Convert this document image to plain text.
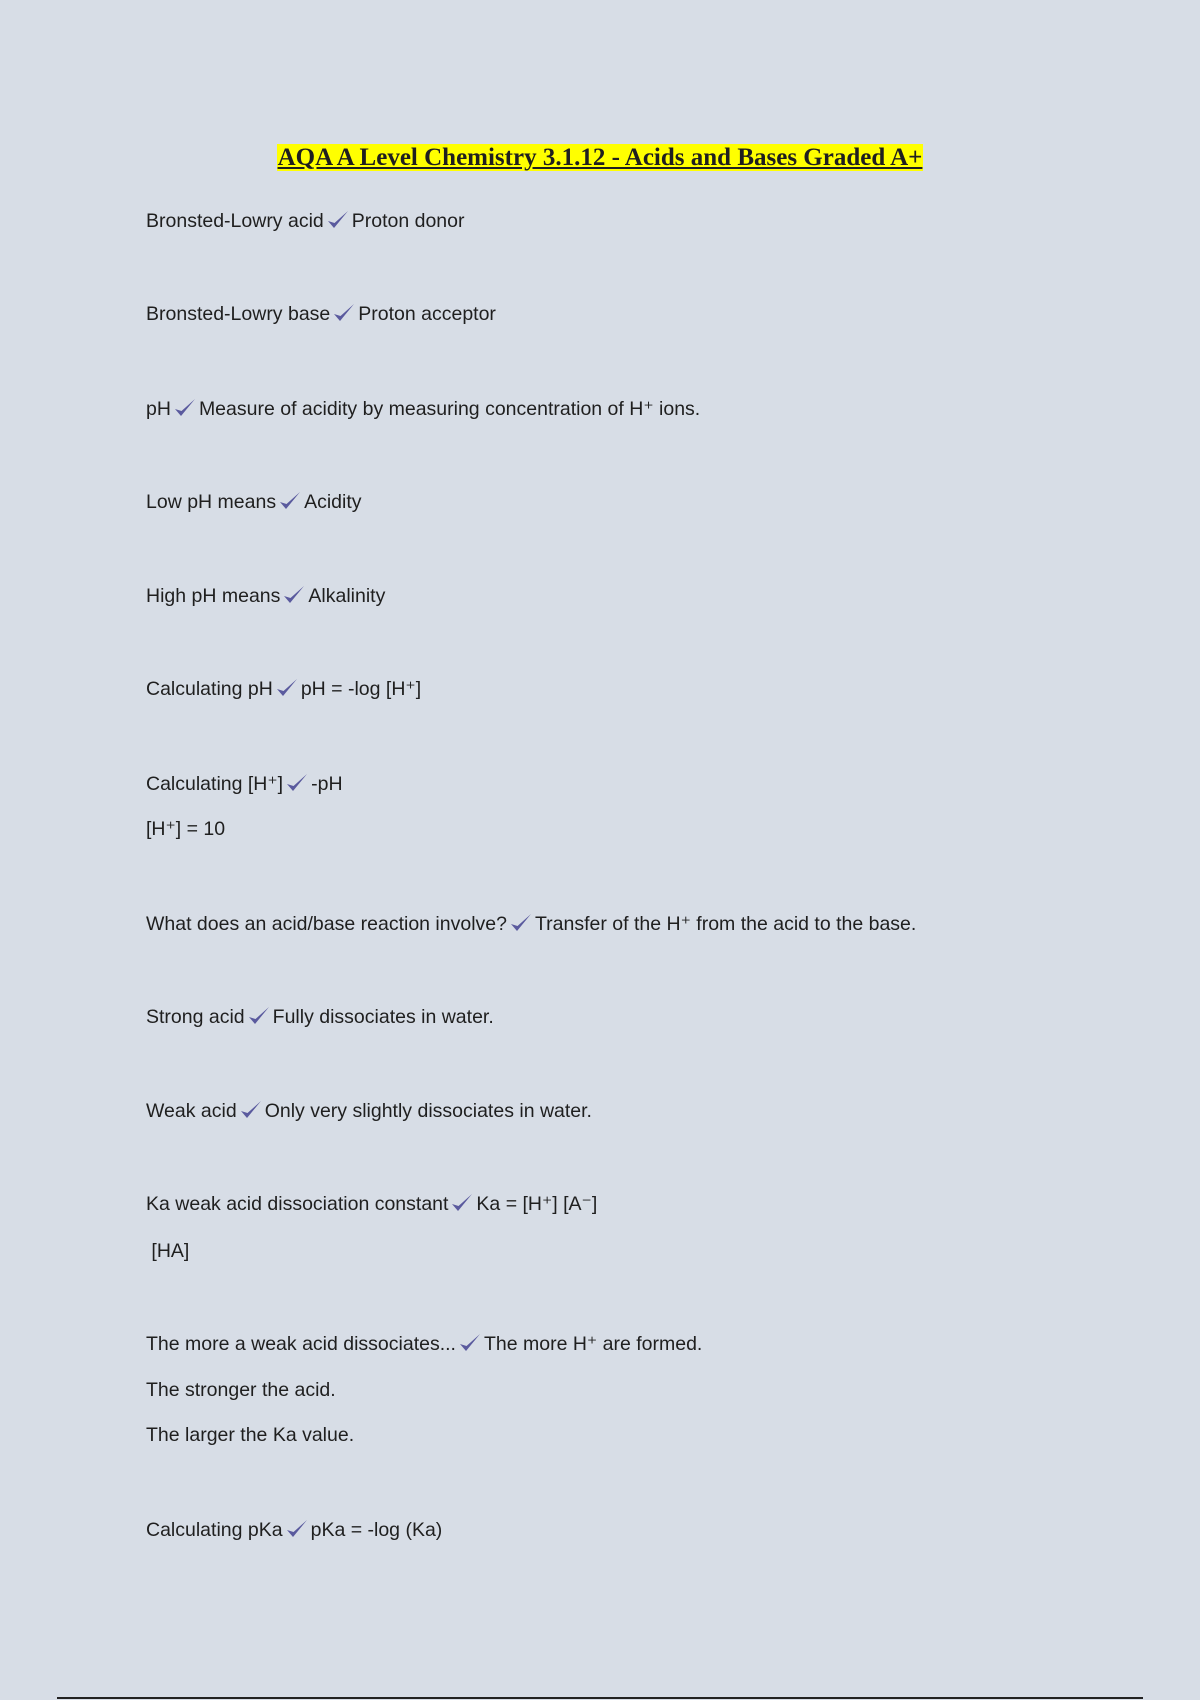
AQA A Level Chemistry 3.1.12 - Acids and Bases Graded A+
Bronsted-Lowry acid Proton donor
Bronsted-Lowry base Proton acceptor
pH Measure of acidity by measuring concentration of H⁺ ions.
Low pH means Acidity
High pH means Alkalinity
Calculating pH pH = -log [H⁺]
Calculating [H⁺] -pH
[H⁺] = 10
What does an acid/base reaction involve? Transfer of the H⁺ from the acid to the base.
Strong acid Fully dissociates in water.
Weak acid Only very slightly dissociates in water.
Ka weak acid dissociation constant Ka = [H⁺] [A⁻]
[HA]
The more a weak acid dissociates... The more H⁺ are formed.
The stronger the acid.
The larger the Ka value.
Calculating pKa pKa = -log (Ka)
